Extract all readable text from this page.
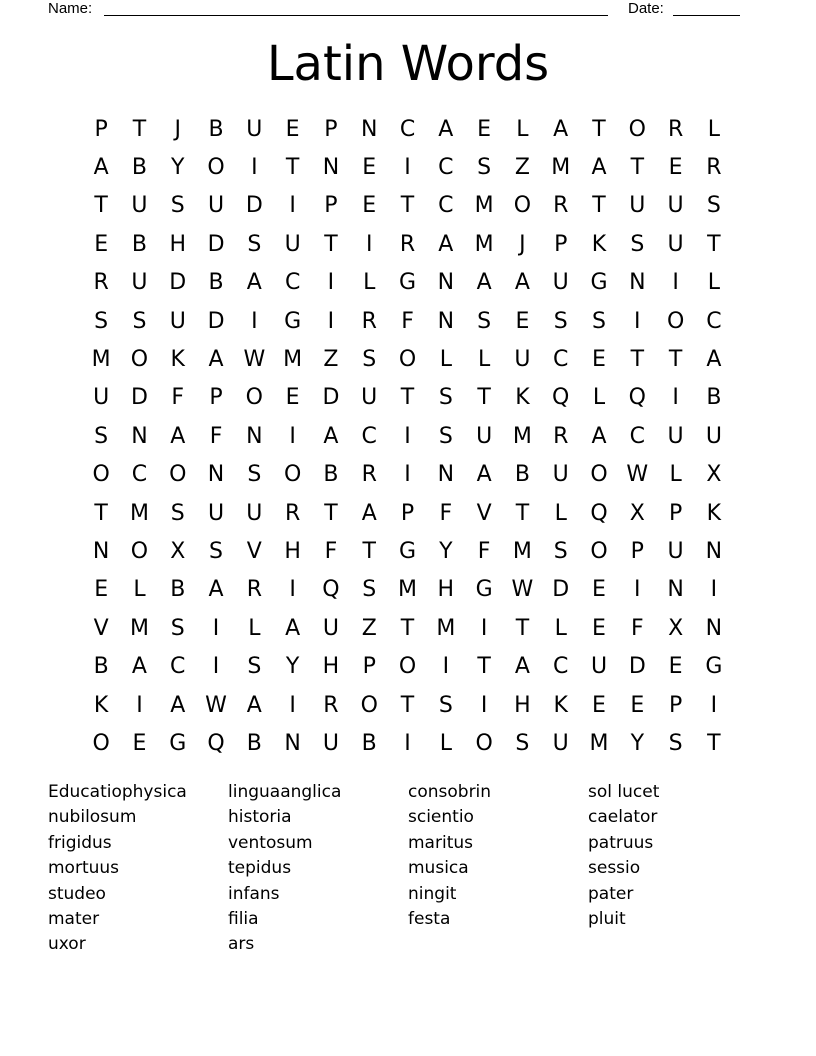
Name:	Date:
Latin Words
P	T	J	B	U	E	P	N	C	A	E	L	A	T	O R	L
A	B	Y	O	I	T	N	E	I	C	S	Z M A	T	E	R
T	U	S	U D	I	P	E	T	C M O R	T	U	U	S
E	B	H D	S	U	T	I	R	A M	J	P	K	S	U	T
R	U D	B	A	C	I	L	G N	A	A	U G N	I	L
S	S	U D	I	G	I	R	F	N	S	E	S	S	I	O C
M O	K	A W M Z	S	O	L	L	U	C	E	T	T	A
U D	F	P	O	E	D U	T	S	T	K	Q	L	Q	I	B
S	N	A	F	N	I	A	C	I	S	U M R	A	C	U	U
O C O N	S	O	B	R	I	N	A	B	U O W L	X
T	M S	U	U	R	T	A	P	F	V	T	L	Q	X	P	K
N O	X	S	V	H	F	T	G	Y	F	M S	O	P	U	N
E	L	B	A	R	I	Q	S M H G W D	E	I	N	I
V M S	I	L	A	U	Z	T	M	I	T	L	E	F	X	N
B	A	C	I	S	Y	H	P	O	I	T	A	C	U D	E	G
K	I	A W A	I	R O	T	S	I	H	K	E	E	P	I
O	E	G Q	B	N	U	B	I	L	O	S	U M	Y	S	T
Educatiophysica
nubilosum
frigidus
mortuus
studeo
mater
uxor
linguaanglica
historia
ventosum
tepidus
infans
filia
ars
consobrin
scientio
maritus
musica
ningit
festa
sol lucet
caelator
patruus
sessio
pater
pluit
